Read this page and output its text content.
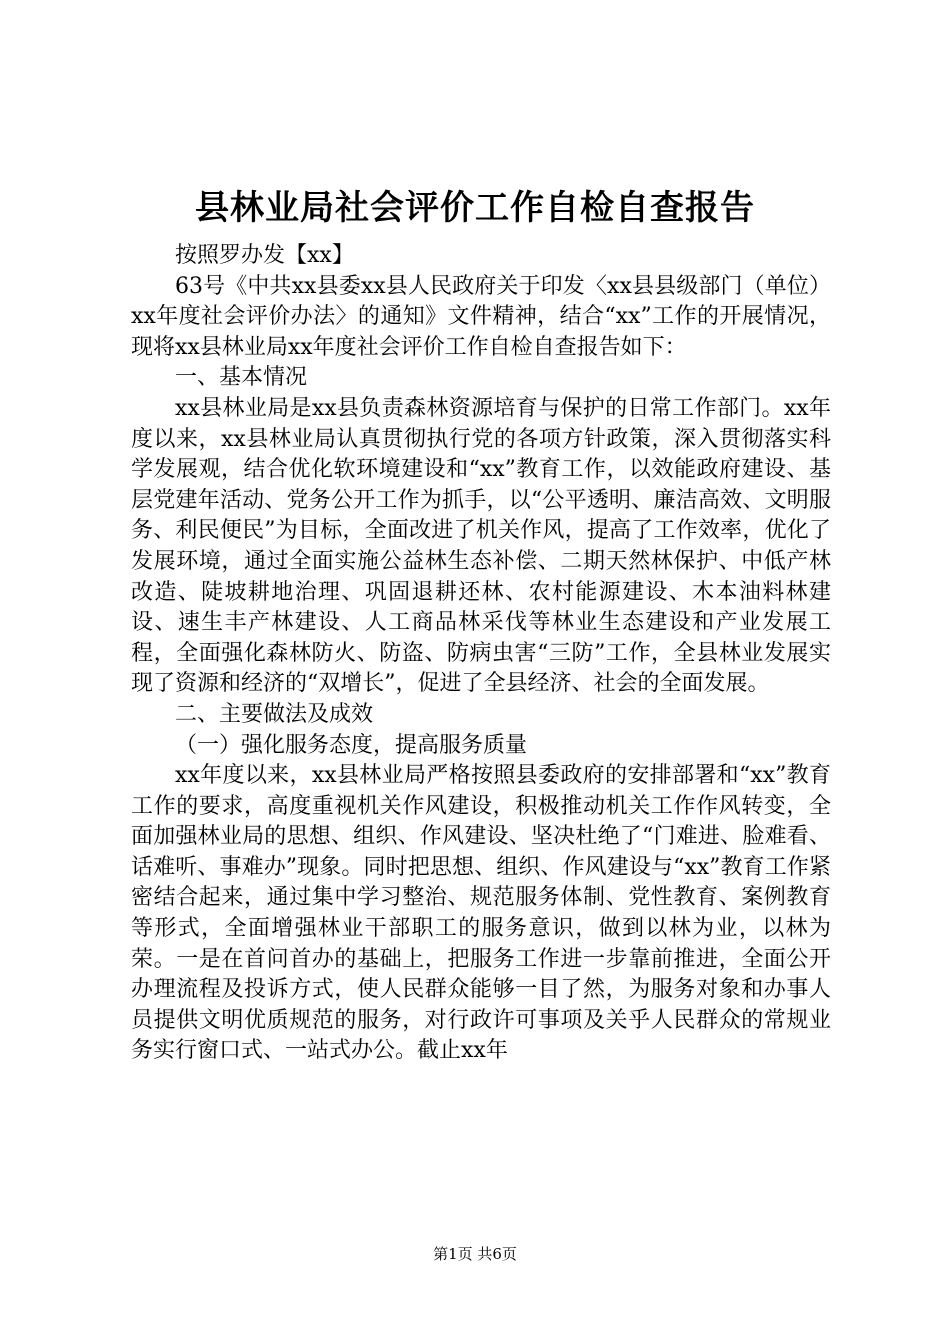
县林业局社会评价工作自检自查报告

按照罗办发【xx】

63号《中共xx县委xx县人民政府关于印发〈xx县县级部门（单位）xx年度社会评价办法〉的通知》文件精神，结合“xx”工作的开展情况，现将xx县林业局xx年度社会评价工作自检自查报告如下：

一、基本情况

xx县林业局是xx县负责森林资源培育与保护的日常工作部门。xx年度以来，xx县林业局认真贯彻执行党的各项方针政策，深入贯彻落实科学发展观，结合优化软环境建设和“xx”教育工作，以效能政府建设、基层党建年活动、党务公开工作为抓手，以“公平透明、廉洁高效、文明服务、利民便民”为目标，全面改进了机关作风，提高了工作效率，优化了发展环境，通过全面实施公益林生态补偿、二期天然林保护、中低产林改造、陡坡耕地治理、巩固退耕还林、农村能源建设、木本油料林建设、速生丰产林建设、人工商品林采伐等林业生态建设和产业发展工程，全面强化森林防火、防盗、防病虫害“三防”工作，全县林业发展实现了资源和经济的“双增长”，促进了全县经济、社会的全面发展。

二、主要做法及成效

（一）强化服务态度，提高服务质量

xx年度以来，xx县林业局严格按照县委政府的安排部署和“xx”教育工作的要求，高度重视机关作风建设，积极推动机关工作作风转变，全面加强林业局的思想、组织、作风建设、坚决杜绝了“门难进、脸难看、话难听、事难办”现象。同时把思想、组织、作风建设与“xx”教育工作紧密结合起来，通过集中学习整治、规范服务体制、党性教育、案例教育等形式，全面增强林业干部职工的服务意识，做到以林为业，以林为荣。一是在首问首办的基础上，把服务工作进一步靠前推进，全面公开办理流程及投诉方式，使人民群众能够一目了然，为服务对象和办事人员提供文明优质规范的服务，对行政许可事项及关乎人民群众的常规业务实行窗口式、一站式办公。截止xx年

第1页 共6页
